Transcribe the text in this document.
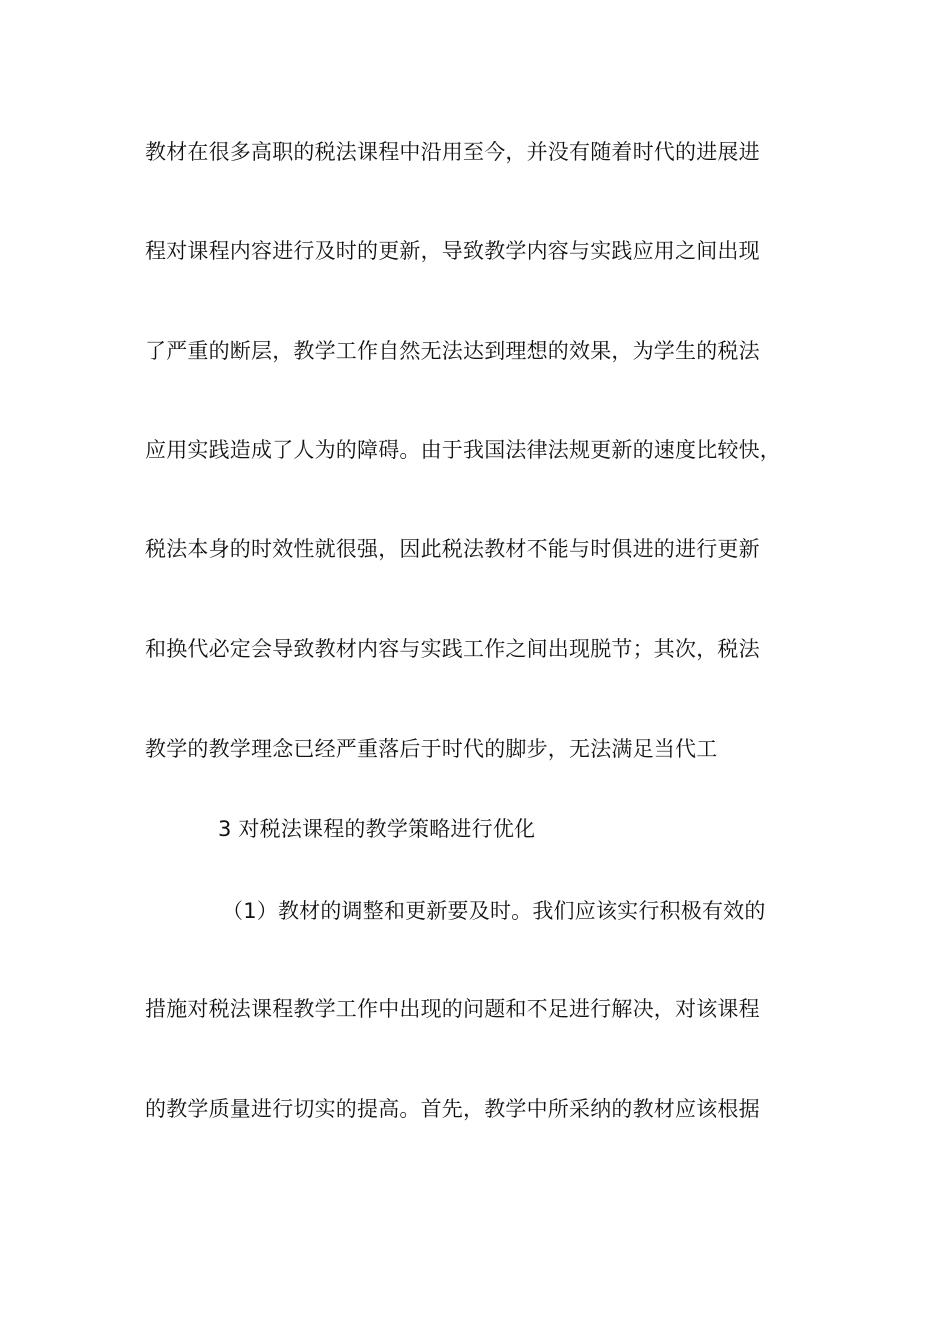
教材在很多高职的税法课程中沿用至今，并没有随着时代的进展进
程对课程内容进行及时的更新，导致教学内容与实践应用之间出现
了严重的断层，教学工作自然无法达到理想的效果，为学生的税法
应用实践造成了人为的障碍。由于我国法律法规更新的速度比较快，
税法本身的时效性就很强，因此税法教材不能与时俱进的进行更新
和换代必定会导致教材内容与实践工作之间出现脱节；其次，税法
教学的教学理念已经严重落后于时代的脚步，无法满足当代工
3 对税法课程的教学策略进行优化
（1）教材的调整和更新要及时。我们应该实行积极有效的
措施对税法课程教学工作中出现的问题和不足进行解决，对该课程
的教学质量进行切实的提高。首先，教学中所采纳的教材应该根据
